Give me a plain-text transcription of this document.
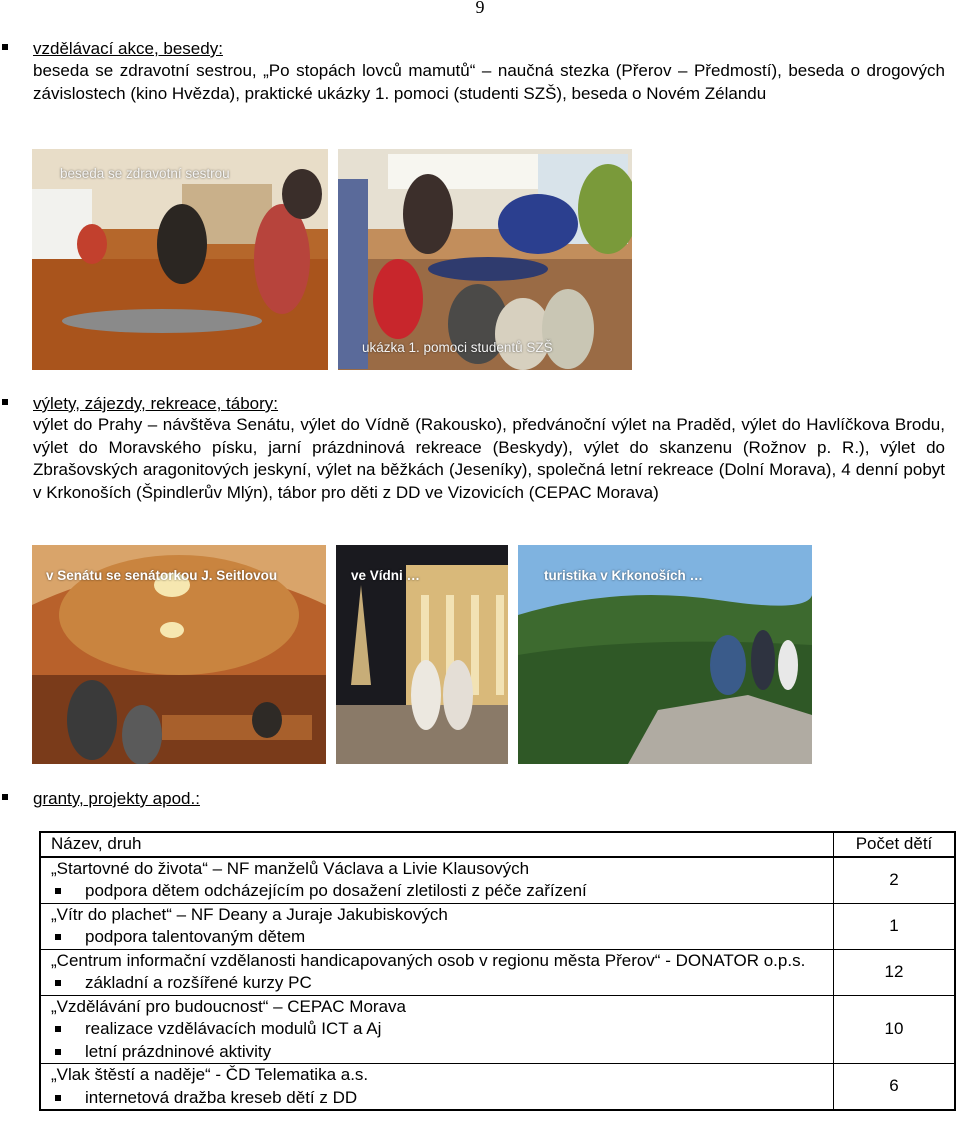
9
vzdělávací akce, besedy:
beseda se zdravotní sestrou, „Po stopách lovců mamutů“ – naučná stezka (Přerov – Předmostí), beseda o drogových závislostech (kino Hvězda), praktické ukázky 1. pomoci (studenti SZŠ), beseda o Novém Zélandu
beseda se zdravotní sestrou
ukázka 1. pomoci studentů SZŠ
výlety, zájezdy, rekreace, tábory:
výlet do Prahy – návštěva Senátu, výlet do Vídně (Rakousko), předvánoční výlet na Praděd, výlet do Havlíčkova Brodu, výlet do Moravského písku, jarní prázdninová rekreace (Beskydy), výlet do skanzenu (Rožnov p. R.), výlet do Zbrašovských aragonitových jeskyní, výlet na běžkách (Jeseníky), společná letní rekreace (Dolní Morava), 4 denní pobyt v Krkonoších (Špindlerův Mlýn), tábor pro děti z DD ve Vizovicích (CEPAC Morava)
v Senátu se senátorkou J. Seitlovou	ve Vídni …	turistika v Krkonoších …
granty, projekty apod.:
Název, druh	Počet dětí

„Startovné do života“ – NF manželů Václava a Livie Klausových
podpora dětem odcházejícím po dosažení zletilosti z péče zařízení	2

„Vítr do plachet“ – NF Deany a Juraje Jakubiskových
podpora talentovaným dětem	1

„Centrum informační vzdělanosti handicapovaných osob v regionu města Přerov“ - DONATOR o.p.s.
základní a rozšířené kurzy PC	12

„Vzdělávání pro budoucnost“ – CEPAC Morava
realizace vzdělávacích modulů ICT a Aj
letní prázdninové aktivity	10

„Vlak štěstí a naděje“ - ČD Telematika a.s.
internetová dražba kreseb dětí z DD	6
